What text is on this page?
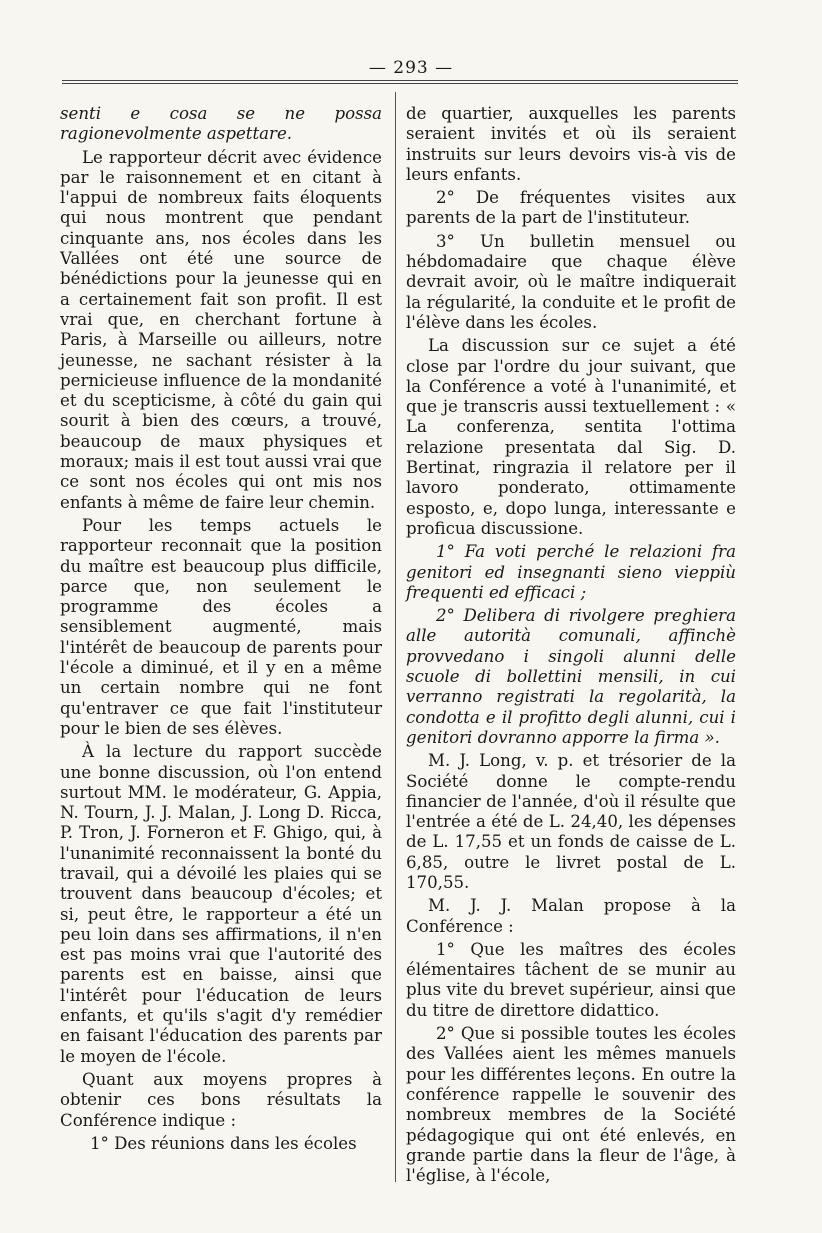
— 293 —

senti e cosa se ne possa ragionevolmente aspettare.

Le rapporteur décrit avec évidence par le raisonnement et en citant à l'appui de nombreux faits éloquents qui nous montrent que pendant cinquante ans, nos écoles dans les Vallées ont été une source de bénédictions pour la jeunesse qui en a certainement fait son profit. Il est vrai que, en cherchant fortune à Paris, à Marseille ou ailleurs, notre jeunesse, ne sachant résister à la pernicieuse influence de la mondanité et du scepticisme, à côté du gain qui sourit à bien des cœurs, a trouvé, beaucoup de maux physiques et moraux; mais il est tout aussi vrai que ce sont nos écoles qui ont mis nos enfants à même de faire leur chemin.

Pour les temps actuels le rapporteur reconnait que la position du maître est beaucoup plus difficile, parce que, non seulement le programme des écoles a sensiblement augmenté, mais l'intérêt de beaucoup de parents pour l'école a diminué, et il y en a même un certain nombre qui ne font qu'entraver ce que fait l'instituteur pour le bien de ses élèves.

À la lecture du rapport succède une bonne discussion, où l'on entend surtout MM. le modérateur, G. Appia, N. Tourn, J. J. Malan, J. Long D. Ricca, P. Tron, J. Forneron et F. Ghigo, qui, à l'unanimité reconnaissent la bonté du travail, qui a dévoilé les plaies qui se trouvent dans beaucoup d'écoles; et si, peut être, le rapporteur a été un peu loin dans ses affirmations, il n'en est pas moins vrai que l'autorité des parents est en baisse, ainsi que l'intérêt pour l'éducation de leurs enfants, et qu'ils s'agit d'y remédier en faisant l'éducation des parents par le moyen de l'école.

Quant aux moyens propres à obtenir ces bons résultats la Conférence indique :

1° Des réunions dans les écoles

de quartier, auxquelles les parents seraient invités et où ils seraient instruits sur leurs devoirs vis-à vis de leurs enfants.

2° De fréquentes visites aux parents de la part de l'instituteur.

3° Un bulletin mensuel ou hébdomadaire que chaque élève devrait avoir, où le maître indiquerait la régularité, la conduite et le profit de l'élève dans les écoles.

La discussion sur ce sujet a été close par l'ordre du jour suivant, que la Conférence a voté à l'unanimité, et que je transcris aussi textuellement : « La conferenza, sentita l'ottima relazione presentata dal Sig. D. Bertinat, ringrazia il relatore per il lavoro ponderato, ottimamente esposto, e, dopo lunga, interessante e proficua discussione.

1° Fa voti perché le relazioni fra genitori ed insegnanti sieno vieppiù frequenti ed efficaci ;

2° Delibera di rivolgere preghiera alle autorità comunali, affinchè provvedano i singoli alunni delle scuole di bollettini mensili, in cui verranno registrati la regolarità, la condotta e il profitto degli alunni, cui i genitori dovranno apporre la firma ».

M. J. Long, v. p. et trésorier de la Société donne le compte-rendu financier de l'année, d'où il résulte que l'entrée a été de L. 24,40, les dépenses de L. 17,55 et un fonds de caisse de L. 6,85, outre le livret postal de L. 170,55.

M. J. J. Malan propose à la Conférence :

1° Que les maîtres des écoles élémentaires tâchent de se munir au plus vite du brevet supérieur, ainsi que du titre de direttore didattico.

2° Que si possible toutes les écoles des Vallées aient les mêmes manuels pour les différentes leçons. En outre la conférence rappelle le souvenir des nombreux membres de la Société pédagogique qui ont été enlevés, en grande partie dans la fleur de l'âge, à l'église, à l'école,
